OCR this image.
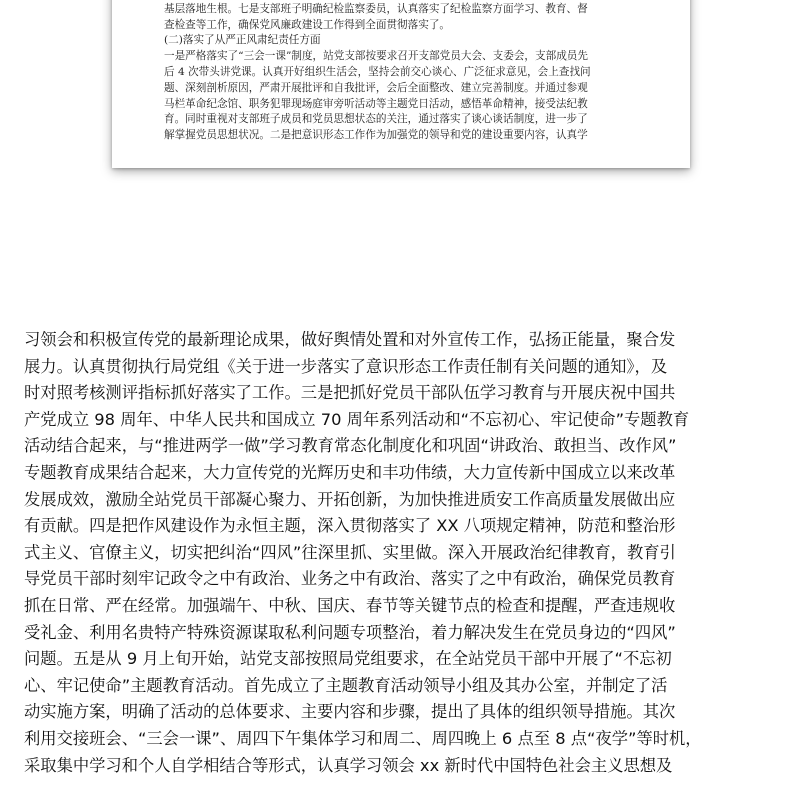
基层落地生根。七是支部班子明确纪检监察委员，认真落实了纪检监察方面学习、教育、督

查检查等工作，确保党风廉政建设工作得到全面贯彻落实了。

(二)落实了从严正风肃纪责任方面

一是严格落实了“三会一课”制度，站党支部按要求召开支部党员大会、支委会，支部成员先

后 4 次带头讲党课。认真开好组织生活会，坚持会前交心谈心、广泛征求意见，会上查找问

题、深刻剖析原因，严肃开展批评和自我批评，会后全面整改、建立完善制度。并通过参观

马栏革命纪念馆、职务犯罪现场庭审旁听活动等主题党日活动，感悟革命精神，接受法纪教

育。同时重视对支部班子成员和党员思想状态的关注，通过落实了谈心谈话制度，进一步了

解掌握党员思想状况。二是把意识形态工作作为加强党的领导和党的建设重要内容，认真学

习领会和积极宣传党的最新理论成果，做好舆情处置和对外宣传工作，弘扬正能量，聚合发

展力。认真贯彻执行局党组《关于进一步落实了意识形态工作责任制有关问题的通知》，及

时对照考核测评指标抓好落实了工作。三是把抓好党员干部队伍学习教育与开展庆祝中国共

产党成立 98 周年、中华人民共和国成立 70 周年系列活动和“不忘初心、牢记使命”专题教育

活动结合起来，与“推进两学一做”学习教育常态化制度化和巩固“讲政治、敢担当、改作风”

专题教育成果结合起来，大力宣传党的光辉历史和丰功伟绩，大力宣传新中国成立以来改革

发展成效，激励全站党员干部凝心聚力、开拓创新，为加快推进质安工作高质量发展做出应

有贡献。四是把作风建设作为永恒主题，深入贯彻落实了 XX 八项规定精神，防范和整治形

式主义、官僚主义，切实把纠治“四风”往深里抓、实里做。深入开展政治纪律教育，教育引

导党员干部时刻牢记政令之中有政治、业务之中有政治、落实了之中有政治，确保党员教育

抓在日常、严在经常。加强端午、中秋、国庆、春节等关键节点的检查和提醒，严查违规收

受礼金、利用名贵特产特殊资源谋取私利问题专项整治，着力解决发生在党员身边的“四风”

问题。五是从 9 月上旬开始，站党支部按照局党组要求，在全站党员干部中开展了“不忘初

心、牢记使命”主题教育活动。首先成立了主题教育活动领导小组及其办公室，并制定了活

动实施方案，明确了活动的总体要求、主要内容和步骤，提出了具体的组织领导措施。其次

利用交接班会、“三会一课”、周四下午集体学习和周二、周四晚上 6 点至 8 点“夜学”等时机，

采取集中学习和个人自学相结合等形式，认真学习领会 xx 新时代中国特色社会主义思想及
